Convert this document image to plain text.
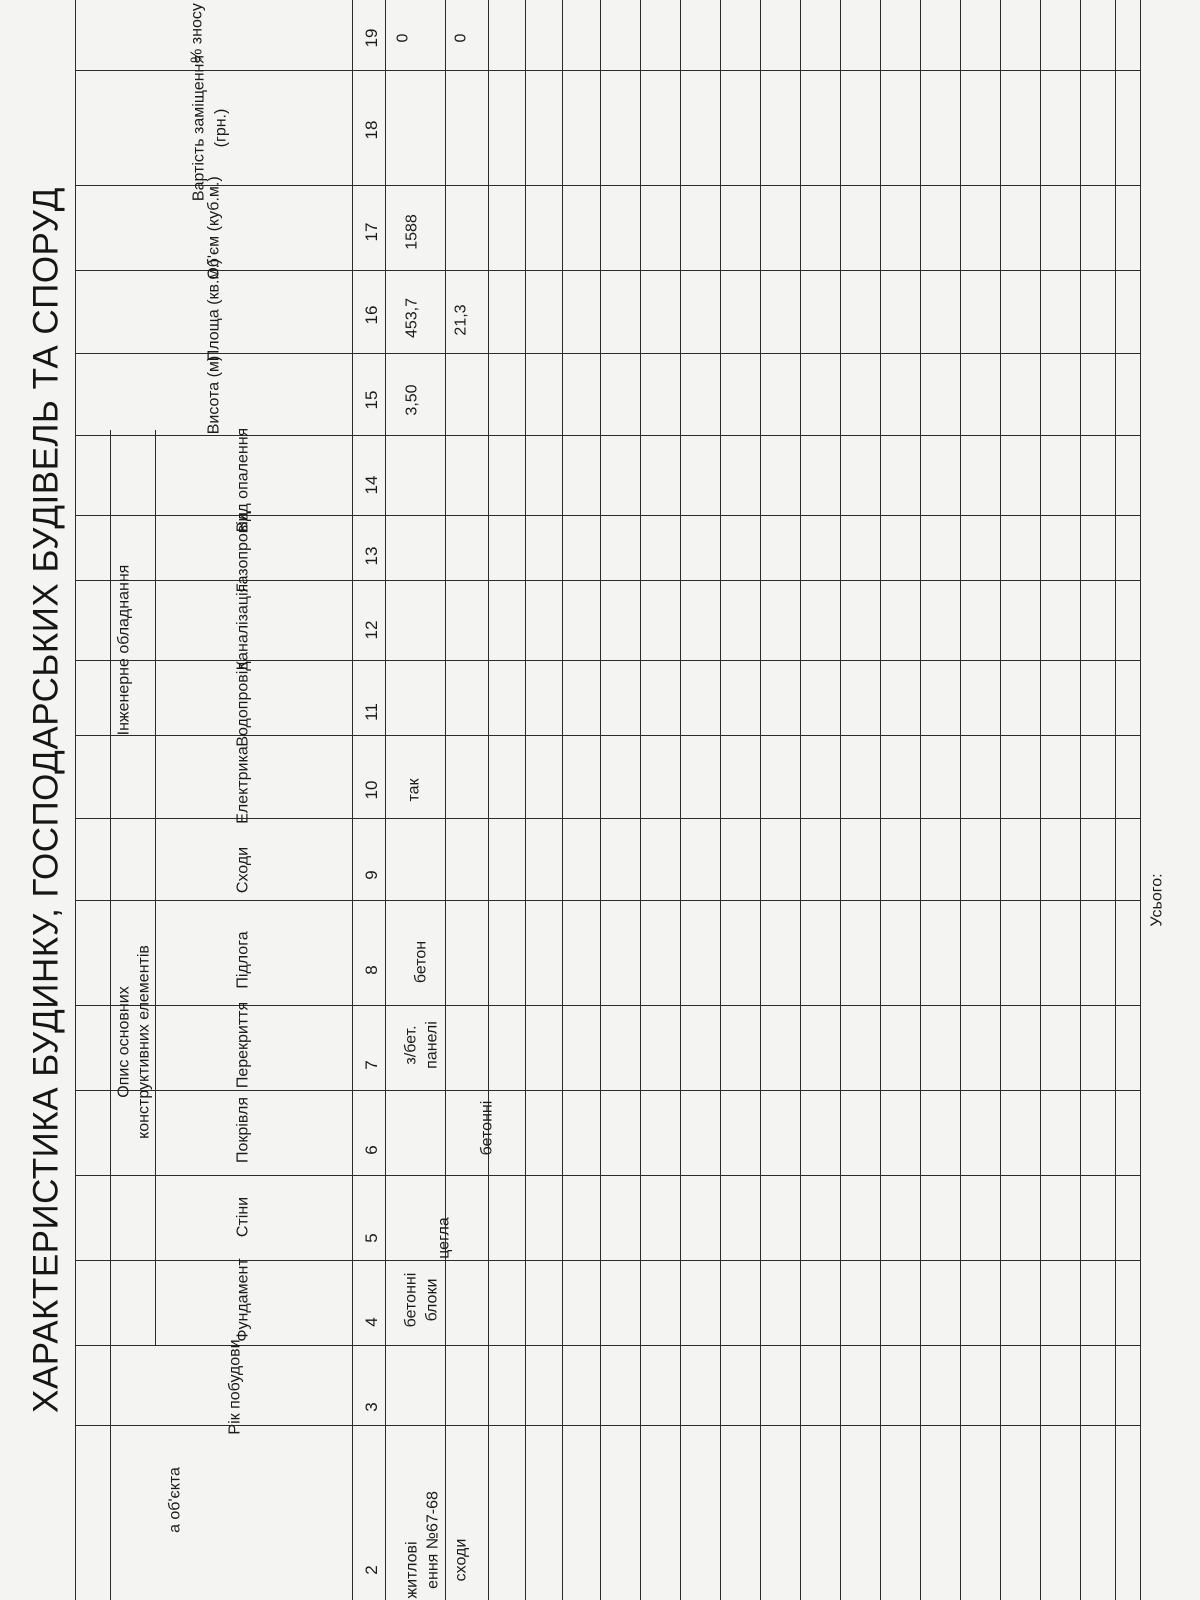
ХАРАКТЕРИСТИКА БУДИНКУ, ГОСПОДАРСЬКИХ БУДІВЕЛЬ ТА СПОРУД
а об'єкта
Рік побудови
Опис основних конструктивних елементів
Фундамент
Стіни
Покрівля
Перекриття
Підлога
Сходи
Інженерне обладнання
Електрика
Водопровід
Каналізація
Газопровід
Вид опалення
Висота (м)
Площа (кв.м.)
Об'єм (куб.м.)
Вартість заміщення (грн.)
% зносу
2
3
4
5
6
7
8
9
10
11
12
13
14
15
16
17
18
19
житлові ення №67-68
бетонні блоки
з/бет. панелі
бетон
так
3,50
453,7
1588
0
сходи
цегла
бетонні
21,3
0
Усього:
